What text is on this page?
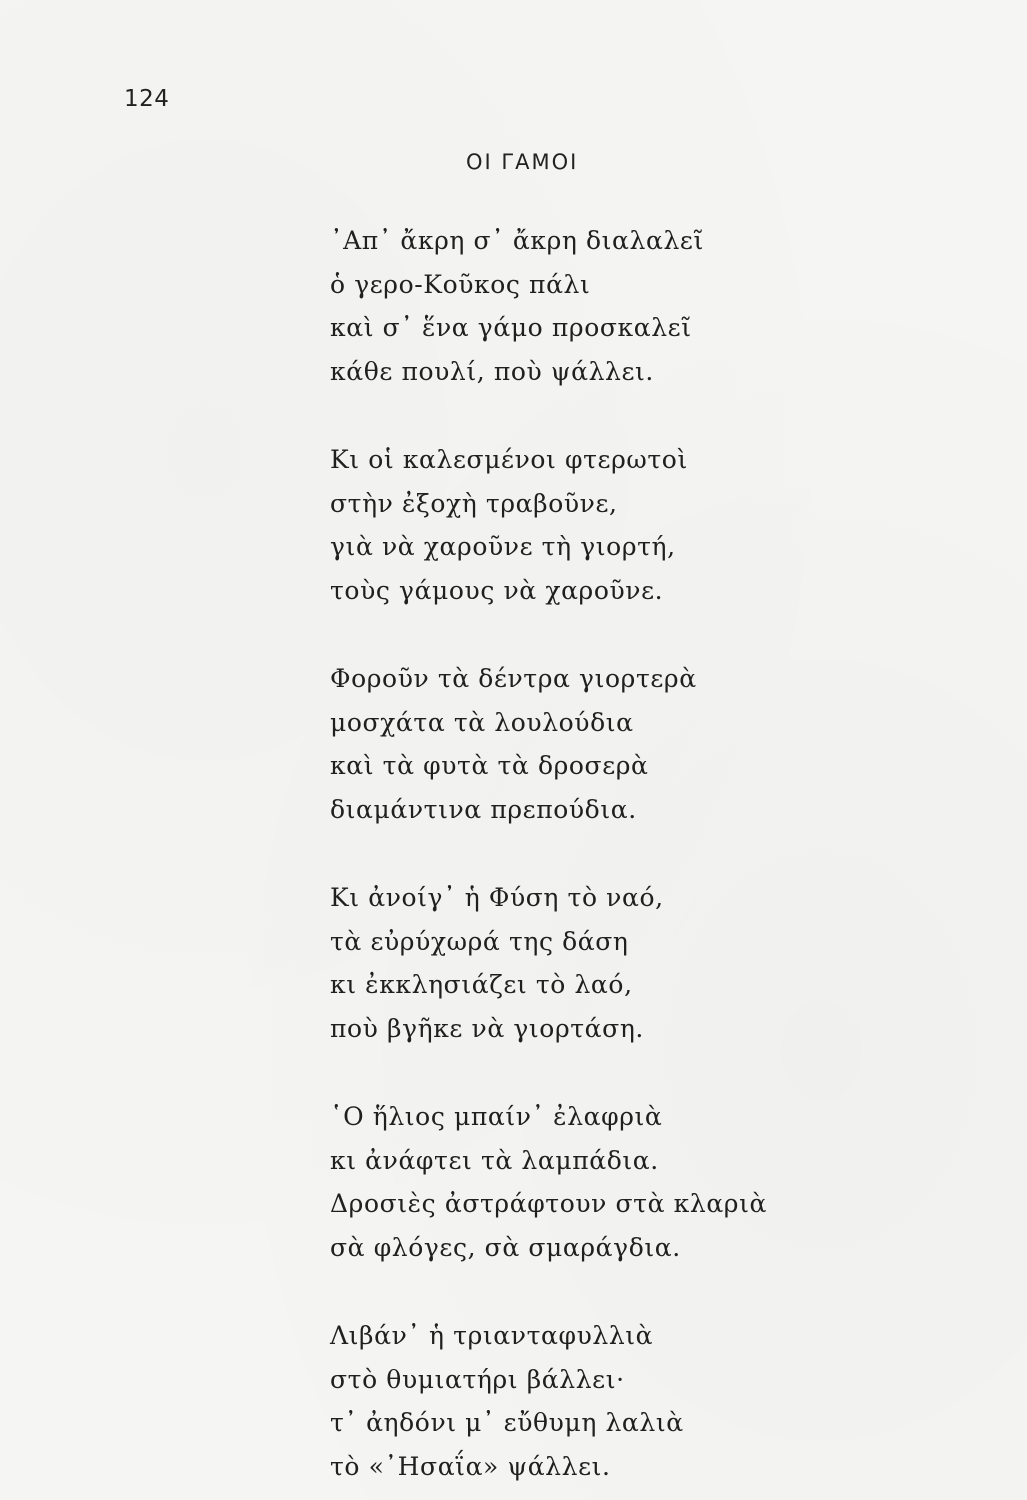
124
ΟΙ ΓΑΜΟΙ
᾿Απ᾿ ἄκρη σ᾿ ἄκρη διαλαλεῖ
ὁ γερο-Κοῦκος πάλι
καὶ σ᾿ ἕνα γάμο προσκαλεῖ
κάθε πουλί, ποὺ ψάλλει.
Κι οἱ καλεσμένοι φτερωτοὶ
στὴν ἐξοχὴ τραβοῦνε,
γιὰ νὰ χαροῦνε τὴ γιορτή,
τοὺς γάμους νὰ χαροῦνε.
Φοροῦν τὰ δέντρα γιορτερὰ
μοσχάτα τὰ λουλούδια
καὶ τὰ φυτὰ τὰ δροσερὰ
διαμάντινα πρεπούδια.
Κι ἀνοίγ᾿ ἡ Φύση τὸ ναό,
τὰ εὐρύχωρά της δάση
κι ἐκκλησιάζει τὸ λαό,
ποὺ βγῆκε νὰ γιορτάση.
῾Ο ἥλιος μπαίν᾿ ἐλαφριὰ
κι ἀνάφτει τὰ λαμπάδια.
Δροσιὲς ἀστράφτουν στὰ κλαριὰ
σὰ φλόγες, σὰ σμαράγδια.
Λιβάν᾿ ἡ τριανταφυλλιὰ
στὸ θυμιατήρι βάλλει·
τ᾿ ἀηδόνι μ᾿ εὔθυμη λαλιὰ
τὸ «᾿Ησαΐα» ψάλλει.
